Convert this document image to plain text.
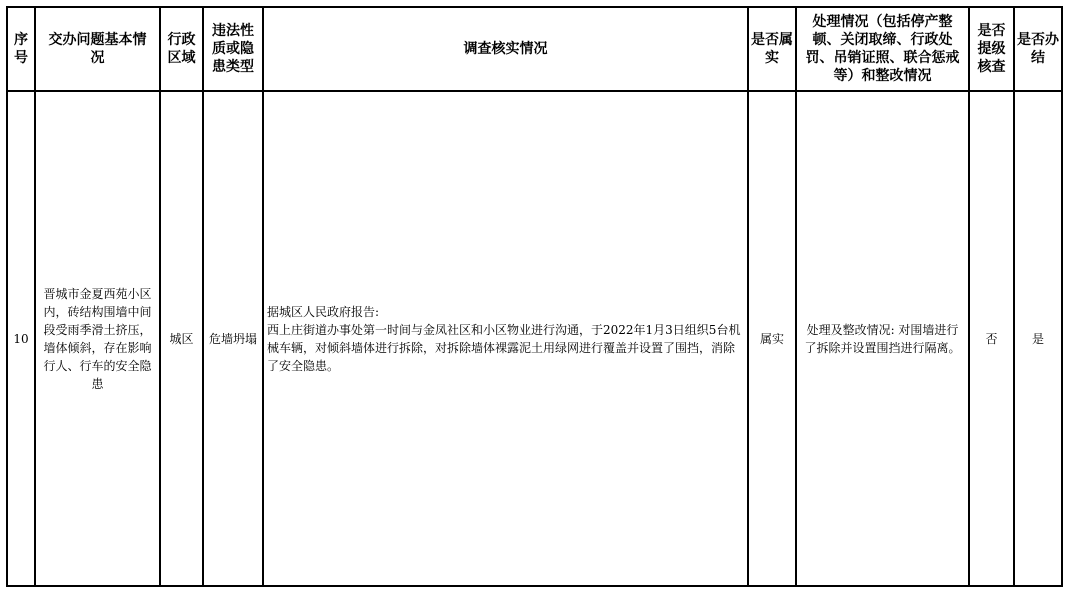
序号	交办问题基本情况	行政区域	违法性质或隐患类型	调查核实情况	是否属实	处理情况（包括停产整顿、关闭取缔、行政处罚、吊销证照、联合惩戒等）和整改情况	是否提级核查	是否办结

10	晋城市金夏西苑小区内，砖结构围墙中间段受雨季滑土挤压，墙体倾斜，存在影响行人、行车的安全隐患	城区	危墙坍塌	据城区人民政府报告:
西上庄街道办事处第一时间与金凤社区和小区物业进行沟通，于2022年1月3日组织5台机械车辆，对倾斜墙体进行拆除，对拆除墙体裸露泥土用绿网进行覆盖并设置了围挡，消除了安全隐患。	属实	处理及整改情况: 对围墙进行了拆除并设置围挡进行隔离。	否	是
